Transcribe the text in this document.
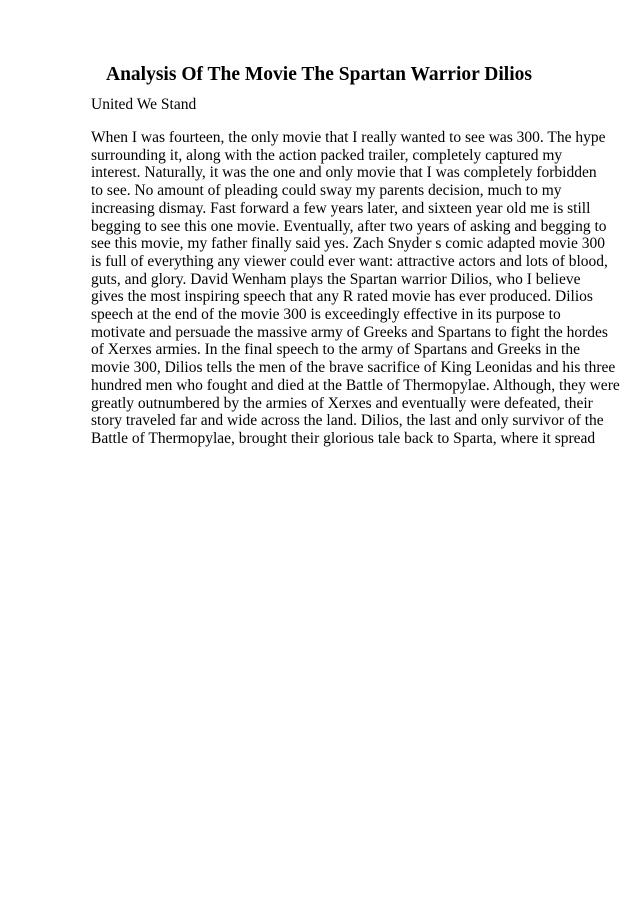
Analysis Of The Movie The Spartan Warrior Dilios

United We Stand

When I was fourteen, the only movie that I really wanted to see was 300. The hype
surrounding it, along with the action packed trailer, completely captured my
interest. Naturally, it was the one and only movie that I was completely forbidden
to see. No amount of pleading could sway my parents decision, much to my
increasing dismay. Fast forward a few years later, and sixteen year old me is still
begging to see this one movie. Eventually, after two years of asking and begging to
see this movie, my father finally said yes. Zach Snyder s comic adapted movie 300
is full of everything any viewer could ever want: attractive actors and lots of blood,
guts, and glory. David Wenham plays the Spartan warrior Dilios, who I believe
gives the most inspiring speech that any R rated movie has ever produced. Dilios
speech at the end of the movie 300 is exceedingly effective in its purpose to
motivate and persuade the massive army of Greeks and Spartans to fight the hordes
of Xerxes armies. In the final speech to the army of Spartans and Greeks in the
movie 300, Dilios tells the men of the brave sacrifice of King Leonidas and his three
hundred men who fought and died at the Battle of Thermopylae. Although, they were
greatly outnumbered by the armies of Xerxes and eventually were defeated, their
story traveled far and wide across the land. Dilios, the last and only survivor of the
Battle of Thermopylae, brought their glorious tale back to Sparta, where it spread
